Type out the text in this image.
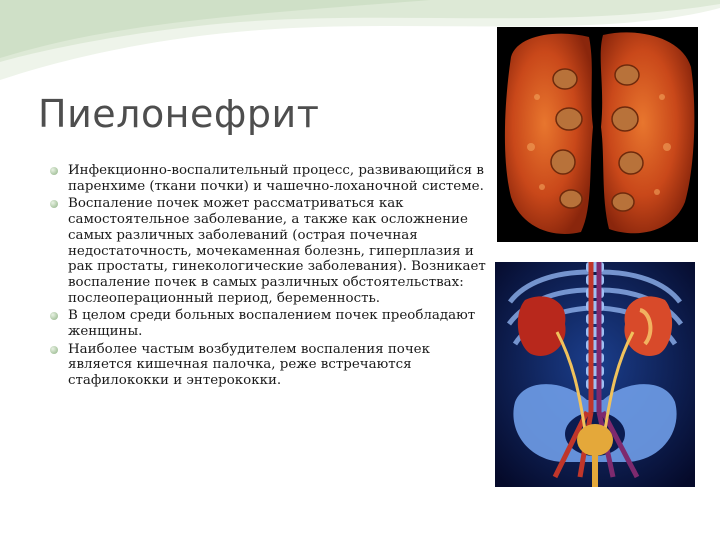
Пиелонефрит
Инфекционно-воспалительный процесс, развивающийся в паренхиме (ткани почки) и чашечно-лоханочной системе.
Воспаление почек может рассматриваться как самостоятельное заболевание, а также как осложнение самых различных заболеваний (острая почечная недостаточность, мочекаменная болезнь, гиперплазия и рак простаты, гинекологические заболевания). Возникает воспаление почек в самых различных обстоятельствах: послеоперационный период, беременность.
В целом среди больных воспалением почек преобладают женщины.
Наиболее частым возбудителем воспаления почек является кишечная палочка, реже встречаются стафилококки и энтерококки.
